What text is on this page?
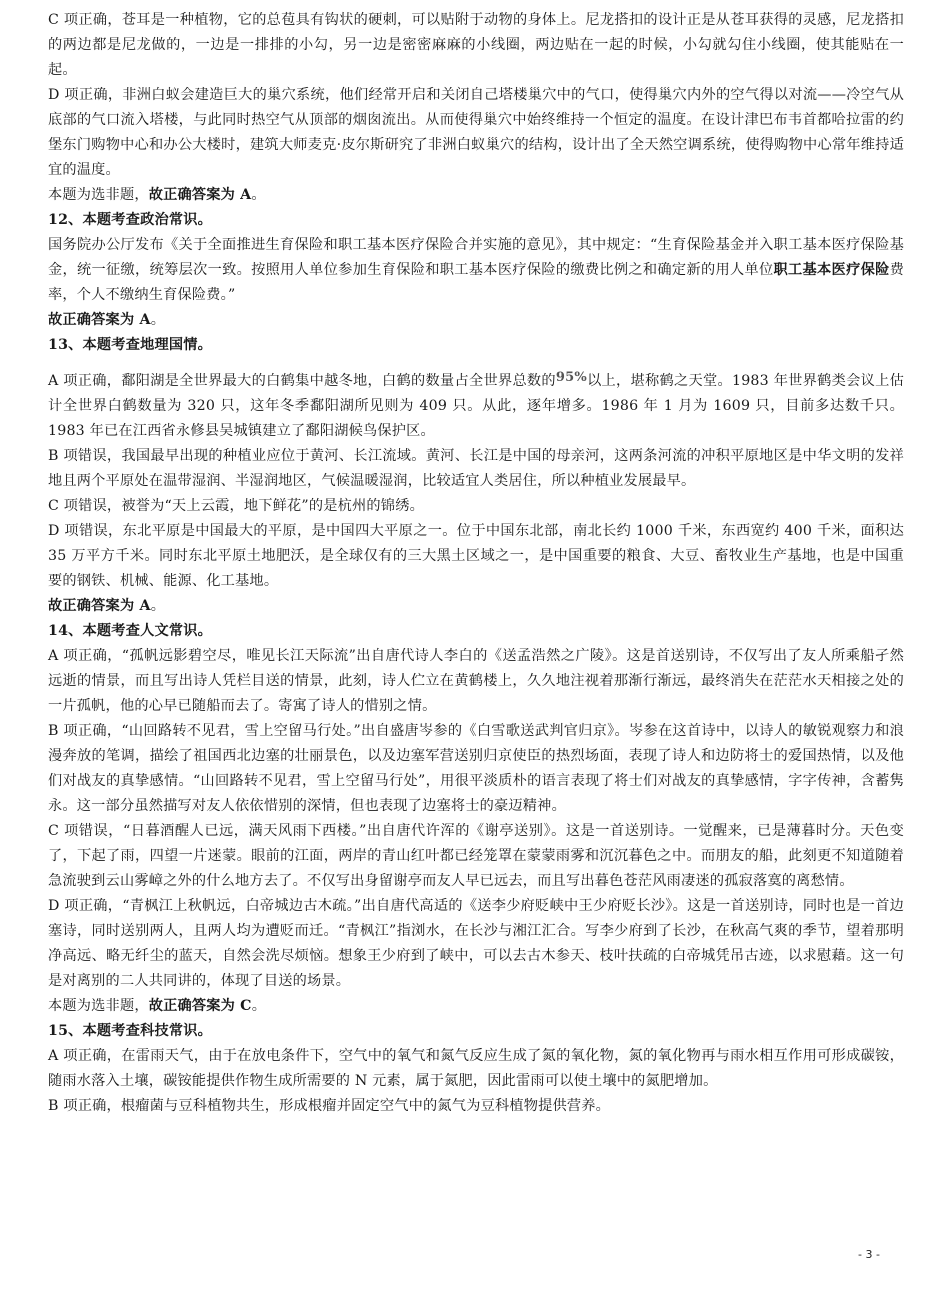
C 项正确，苍耳是一种植物，它的总苞具有钩状的硬刺，可以贴附于动物的身体上。尼龙搭扣的设计正是从苍耳获得的灵感，尼龙搭扣的两边都是尼龙做的，一边是一排排的小勾，另一边是密密麻麻的小线圈，两边贴在一起的时候，小勾就勾住小线圈，使其能贴在一起。

D 项正确，非洲白蚁会建造巨大的巢穴系统，他们经常开启和关闭自己塔楼巢穴中的气口，使得巢穴内外的空气得以对流——冷空气从底部的气口流入塔楼，与此同时热空气从顶部的烟囱流出。从而使得巢穴中始终维持一个恒定的温度。在设计津巴布韦首都哈拉雷的约堡东门购物中心和办公大楼时，建筑大师麦克·皮尔斯研究了非洲白蚁巢穴的结构，设计出了全天然空调系统，使得购物中心常年维持适宜的温度。

本题为选非题，故正确答案为 A。

12、本题考查政治常识。

国务院办公厅发布《关于全面推进生育保险和职工基本医疗保险合并实施的意见》，其中规定：“生育保险基金并入职工基本医疗保险基金，统一征缴，统筹层次一致。按照用人单位参加生育保险和职工基本医疗保险的缴费比例之和确定新的用人单位职工基本医疗保险费率，个人不缴纳生育保险费。”

故正确答案为 A。

13、本题考查地理国情。

A 项正确，鄱阳湖是全世界最大的白鹤集中越冬地，白鹤的数量占全世界总数的95%以上，堪称鹤之天堂。1983 年世界鹤类会议上估计全世界白鹤数量为 320 只，这年冬季鄱阳湖所见则为 409 只。从此，逐年增多。1986 年 1 月为 1609 只，目前多达数千只。1983 年已在江西省永修县吴城镇建立了鄱阳湖候鸟保护区。

B 项错误，我国最早出现的种植业应位于黄河、长江流域。黄河、长江是中国的母亲河，这两条河流的冲积平原地区是中华文明的发祥地且两个平原处在温带湿润、半湿润地区，气候温暖湿润，比较适宜人类居住，所以种植业发展最早。

C 项错误，被誉为“天上云霞，地下鲜花”的是杭州的锦绣。

D 项错误，东北平原是中国最大的平原，是中国四大平原之一。位于中国东北部，南北长约 1000 千米，东西宽约 400 千米，面积达 35 万平方千米。同时东北平原土地肥沃，是全球仅有的三大黑土区域之一，是中国重要的粮食、大豆、畜牧业生产基地，也是中国重要的钢铁、机械、能源、化工基地。

故正确答案为 A。

14、本题考查人文常识。

A 项正确，“孤帆远影碧空尽，唯见长江天际流”出自唐代诗人李白的《送孟浩然之广陵》。这是首送别诗，不仅写出了友人所乘船孑然远逝的情景，而且写出诗人凭栏目送的情景，此刻，诗人伫立在黄鹤楼上，久久地注视着那渐行渐远，最终消失在茫茫水天相接之处的一片孤帆，他的心早已随船而去了。寄寓了诗人的惜别之情。

B 项正确，“山回路转不见君，雪上空留马行处。”出自盛唐岑参的《白雪歌送武判官归京》。岑参在这首诗中，以诗人的敏锐观察力和浪漫奔放的笔调，描绘了祖国西北边塞的壮丽景色，以及边塞军营送别归京使臣的热烈场面，表现了诗人和边防将士的爱国热情，以及他们对战友的真挚感情。“山回路转不见君，雪上空留马行处”，用很平淡质朴的语言表现了将士们对战友的真挚感情，字字传神，含蓄隽永。这一部分虽然描写对友人依依惜别的深情，但也表现了边塞将士的豪迈精神。

C 项错误，“日暮酒醒人已远，满天风雨下西楼。”出自唐代许浑的《谢亭送别》。这是一首送别诗。一觉醒来，已是薄暮时分。天色变了，下起了雨，四望一片迷蒙。眼前的江面，两岸的青山红叶都已经笼罩在蒙蒙雨雾和沉沉暮色之中。而朋友的船，此刻更不知道随着急流驶到云山雾嶂之外的什么地方去了。不仅写出身留谢亭而友人早已远去，而且写出暮色苍茫风雨凄迷的孤寂落寞的离愁情。

D 项正确，“青枫江上秋帆远，白帝城边古木疏。”出自唐代高适的《送李少府贬峡中王少府贬长沙》。这是一首送别诗，同时也是一首边塞诗，同时送别两人，且两人均为遭贬而迁。“青枫江”指浏水，在长沙与湘江汇合。写李少府到了长沙，在秋高气爽的季节，望着那明净高远、略无纤尘的蓝天，自然会洗尽烦恼。想象王少府到了峡中，可以去古木参天、枝叶扶疏的白帝城凭吊古迹，以求慰藉。这一句是对离别的二人共同讲的，体现了目送的场景。

本题为选非题，故正确答案为 C。

15、本题考查科技常识。

A 项正确，在雷雨天气，由于在放电条件下，空气中的氧气和氮气反应生成了氮的氧化物，氮的氧化物再与雨水相互作用可形成碳铵，随雨水落入土壤，碳铵能提供作物生成所需要的 N 元素，属于氮肥，因此雷雨可以使土壤中的氮肥增加。

B 项正确，根瘤菌与豆科植物共生，形成根瘤并固定空气中的氮气为豆科植物提供营养。

- 3 -
